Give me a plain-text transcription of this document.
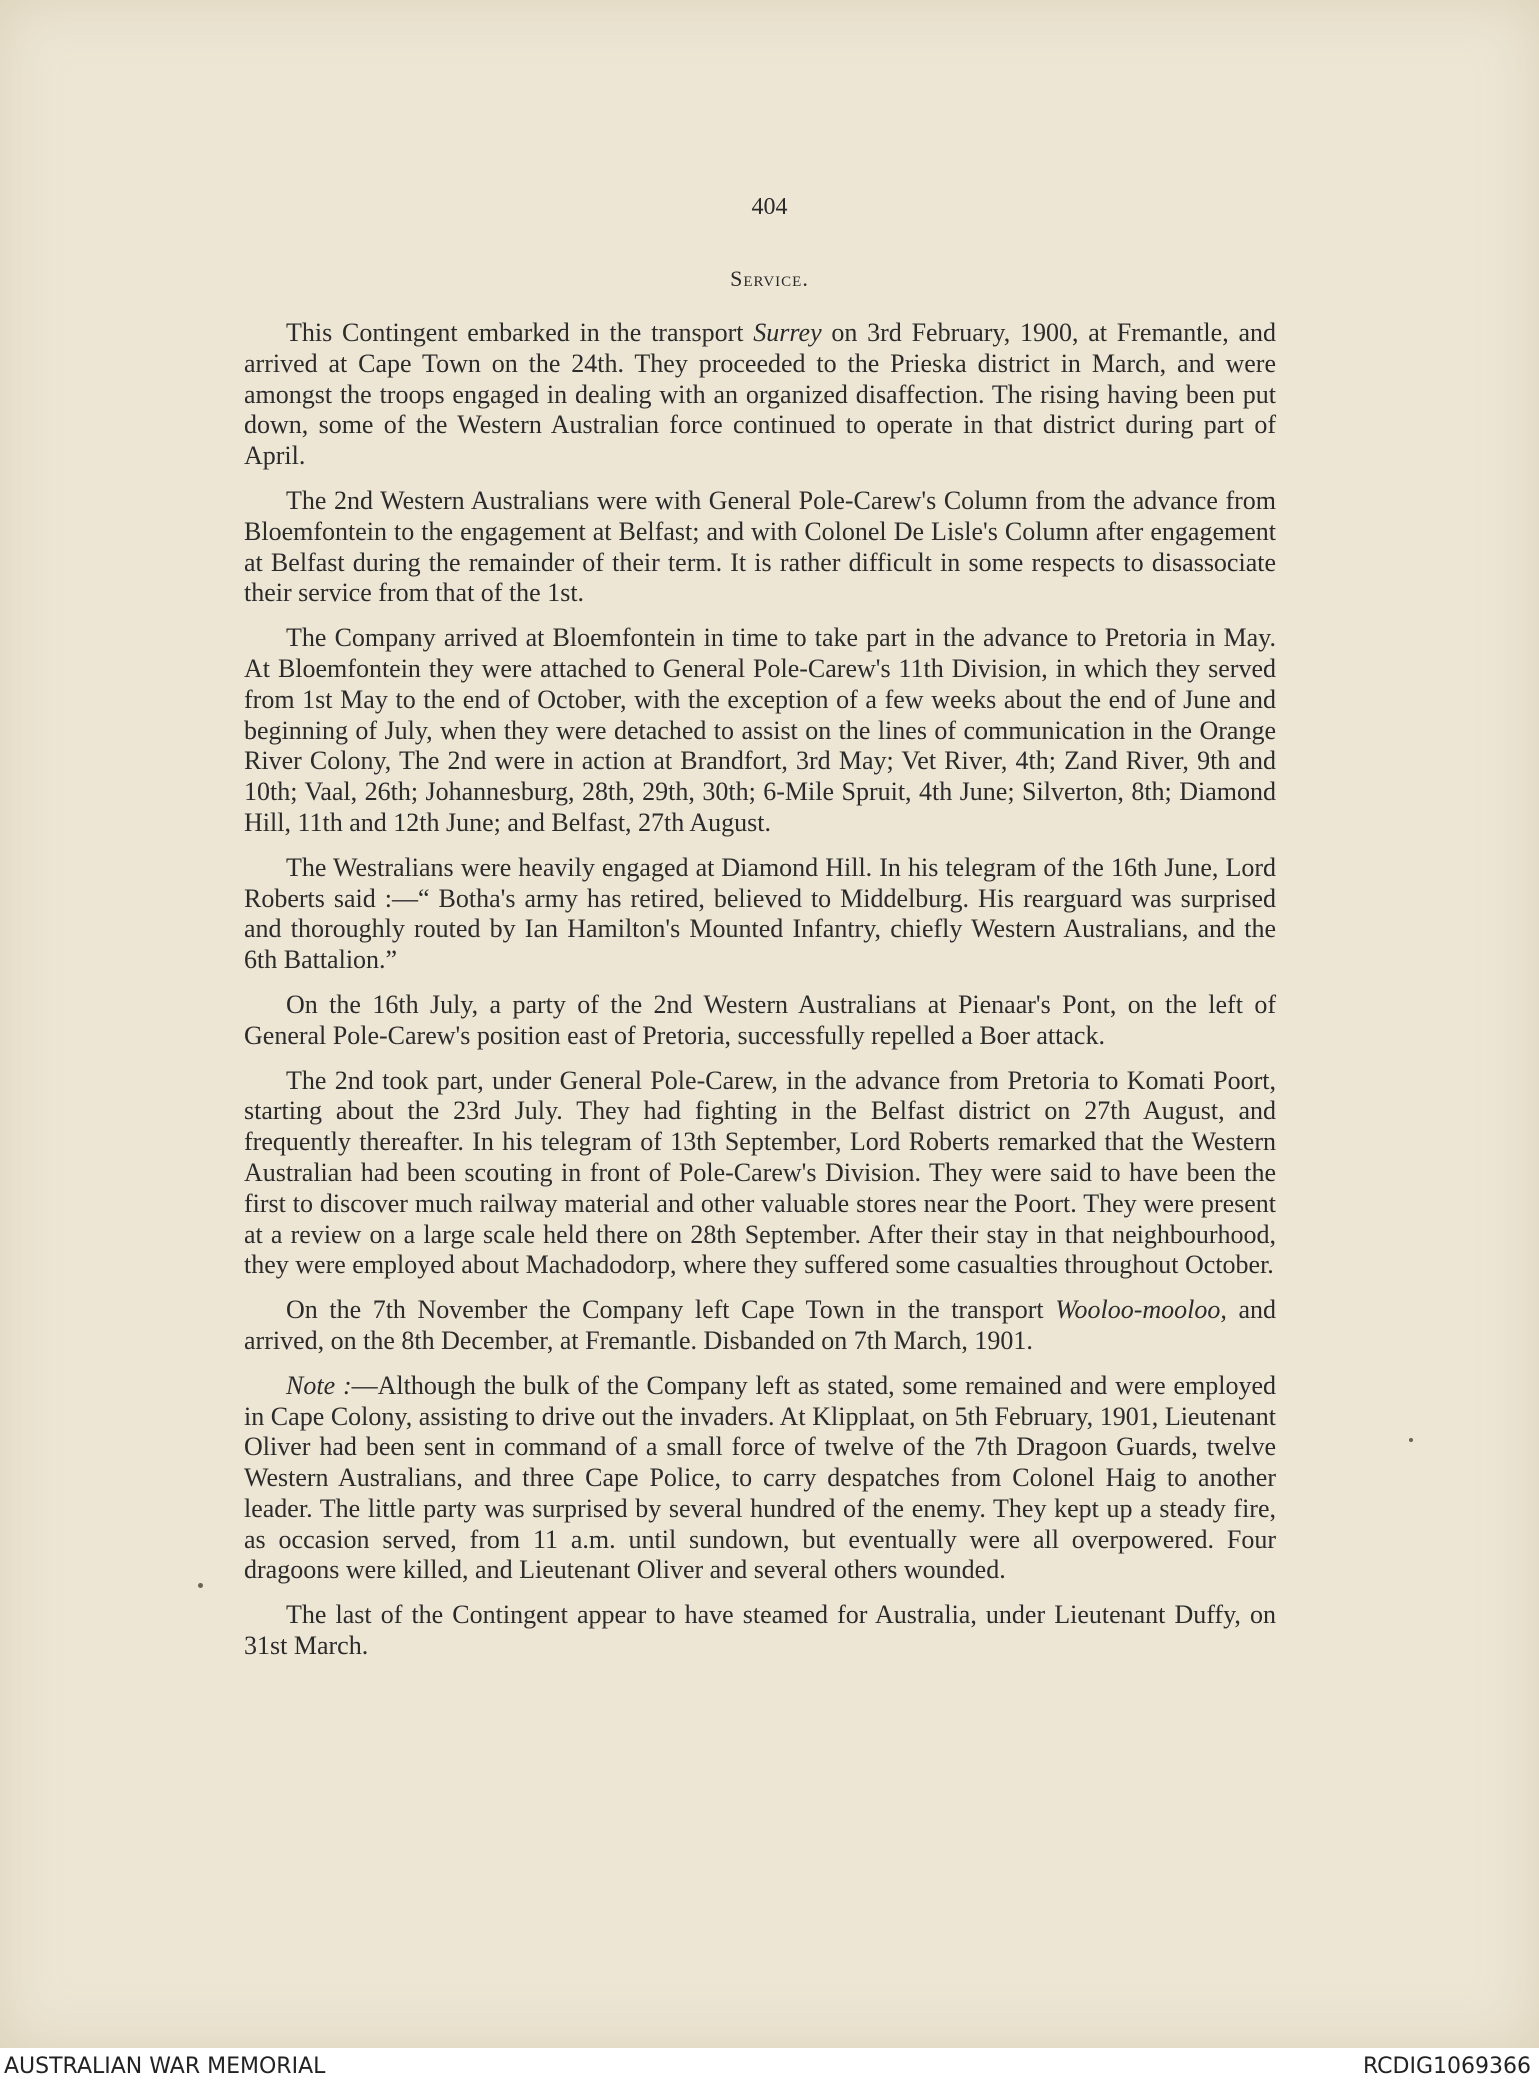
404
Service.

This Contingent embarked in the transport Surrey on 3rd February, 1900, at Fremantle, and arrived at Cape Town on the 24th. They proceeded to the Prieska district in March, and were amongst the troops engaged in dealing with an organized disaffection. The rising having been put down, some of the Western Australian force continued to operate in that district during part of April.

The 2nd Western Australians were with General Pole-Carew's Column from the advance from Bloemfontein to the engagement at Belfast; and with Colonel De Lisle's Column after engagement at Belfast during the remainder of their term. It is rather difficult in some respects to disassociate their service from that of the 1st.

The Company arrived at Bloemfontein in time to take part in the advance to Pretoria in May. At Bloemfontein they were attached to General Pole-Carew's 11th Division, in which they served from 1st May to the end of October, with the exception of a few weeks about the end of June and beginning of July, when they were detached to assist on the lines of communication in the Orange River Colony, The 2nd were in action at Brandfort, 3rd May; Vet River, 4th; Zand River, 9th and 10th; Vaal, 26th; Johannesburg, 28th, 29th, 30th; 6-Mile Spruit, 4th June; Silverton, 8th; Diamond Hill, 11th and 12th June; and Belfast, 27th August.

The Westralians were heavily engaged at Diamond Hill. In his telegram of the 16th June, Lord Roberts said :—“ Botha's army has retired, believed to Middelburg. His rearguard was surprised and thoroughly routed by Ian Hamilton's Mounted Infantry, chiefly Western Australians, and the 6th Battalion.”

On the 16th July, a party of the 2nd Western Australians at Pienaar's Pont, on the left of General Pole-Carew's position east of Pretoria, successfully repelled a Boer attack.

The 2nd took part, under General Pole-Carew, in the advance from Pretoria to Komati Poort, starting about the 23rd July. They had fighting in the Belfast district on 27th August, and frequently thereafter. In his telegram of 13th September, Lord Roberts remarked that the Western Australian had been scouting in front of Pole-Carew's Division. They were said to have been the first to discover much railway material and other valuable stores near the Poort. They were present at a review on a large scale held there on 28th September. After their stay in that neighbourhood, they were employed about Machadodorp, where they suffered some casualties throughout October.

On the 7th November the Company left Cape Town in the transport Wooloo-mooloo, and arrived, on the 8th December, at Fremantle. Disbanded on 7th March, 1901.

Note :—Although the bulk of the Company left as stated, some remained and were employed in Cape Colony, assisting to drive out the invaders. At Klipplaat, on 5th February, 1901, Lieutenant Oliver had been sent in command of a small force of twelve of the 7th Dragoon Guards, twelve Western Australians, and three Cape Police, to carry despatches from Colonel Haig to another leader. The little party was surprised by several hundred of the enemy. They kept up a steady fire, as occasion served, from 11 a.m. until sundown, but eventually were all overpowered. Four dragoons were killed, and Lieutenant Oliver and several others wounded.

The last of the Contingent appear to have steamed for Australia, under Lieutenant Duffy, on 31st March.

AUSTRALIAN WAR MEMORIAL	RCDIG1069366
